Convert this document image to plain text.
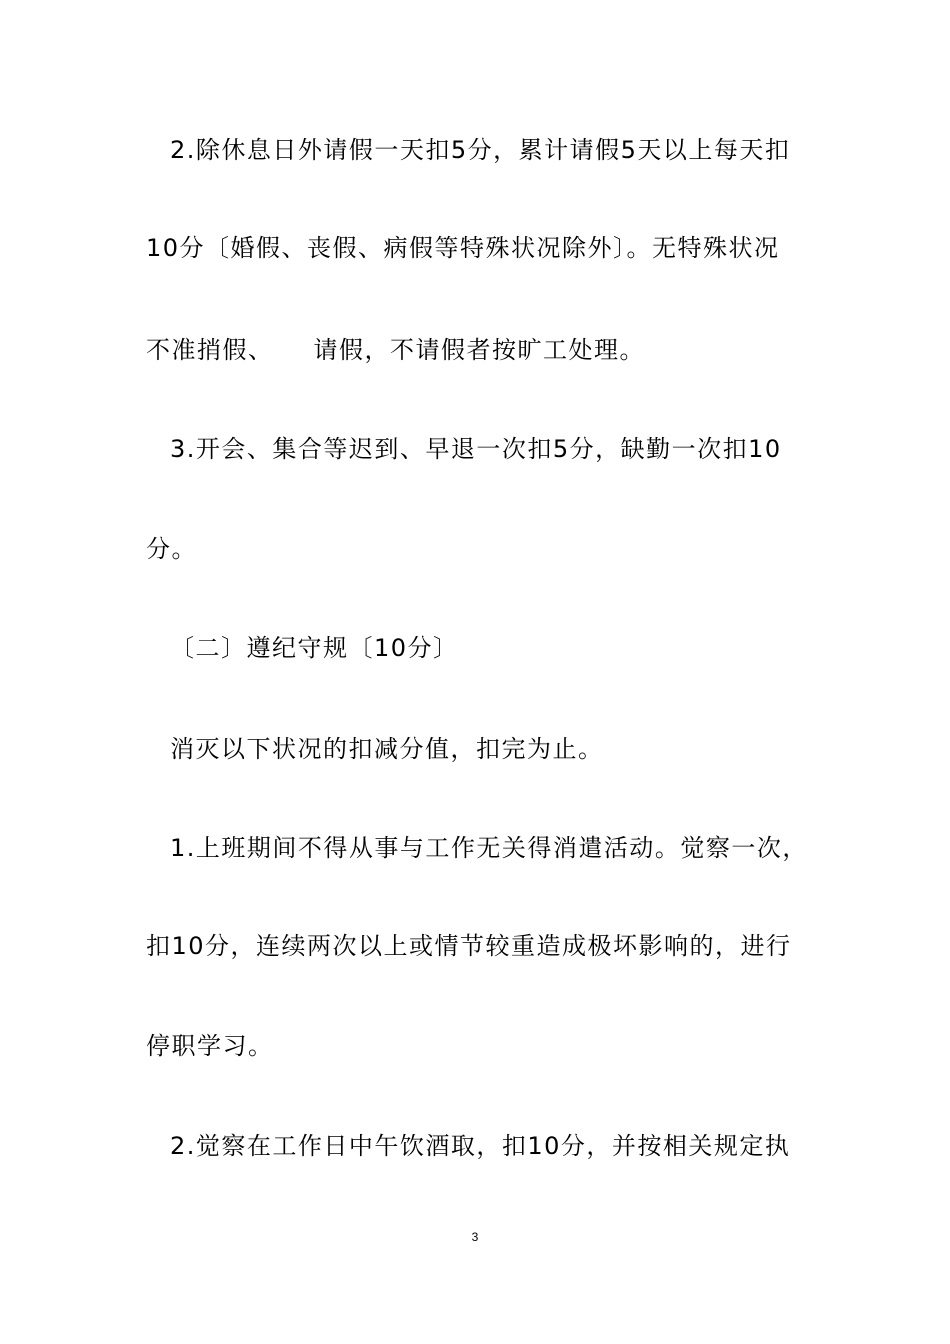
2.除休息日外请假一天扣5分，累计请假5天以上每天扣
10分〔婚假、丧假、病假等特殊状况除外〕。无特殊状况
不准捎假、 请假，不请假者按旷工处理。
3.开会、集合等迟到、早退一次扣5分，缺勤一次扣10
分。
〔二〕遵纪守规〔10分〕
消灭以下状况的扣减分值，扣完为止。
1.上班期间不得从事与工作无关得消遣活动。觉察一次，
扣10分，连续两次以上或情节较重造成极坏影响的，进行
停职学习。
2.觉察在工作日中午饮酒取，扣10分，并按相关规定执
3
